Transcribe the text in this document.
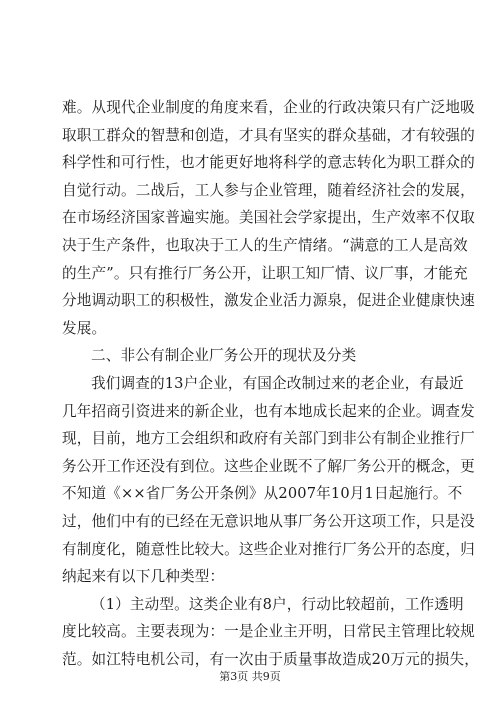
难。从现代企业制度的角度来看，企业的行政决策只有广泛地吸
取职工群众的智慧和创造，才具有坚实的群众基础，才有较强的
科学性和可行性，也才能更好地将科学的意志转化为职工群众的
自觉行动。二战后，工人参与企业管理，随着经济社会的发展，
在市场经济国家普遍实施。美国社会学家提出，生产效率不仅取
决于生产条件，也取决于工人的生产情绪。“满意的工人是高效
的生产”。只有推行厂务公开，让职工知厂情、议厂事，才能充
分地调动职工的积极性，激发企业活力源泉，促进企业健康快速
发展。
二、非公有制企业厂务公开的现状及分类
我们调查的13户企业，有国企改制过来的老企业，有最近
几年招商引资进来的新企业，也有本地成长起来的企业。调查发
现，目前，地方工会组织和政府有关部门到非公有制企业推行厂
务公开工作还没有到位。这些企业既不了解厂务公开的概念，更
不知道《××省厂务公开条例》从2007年10月1日起施行。不
过，他们中有的已经在无意识地从事厂务公开这项工作，只是没
有制度化，随意性比较大。这些企业对推行厂务公开的态度，归
纳起来有以下几种类型：
（1）主动型。这类企业有8户，行动比较超前，工作透明
度比较高。主要表现为：一是企业主开明，日常民主管理比较规
范。如江特电机公司，有一次由于质量事故造成20万元的损失，
第3页 共9页
